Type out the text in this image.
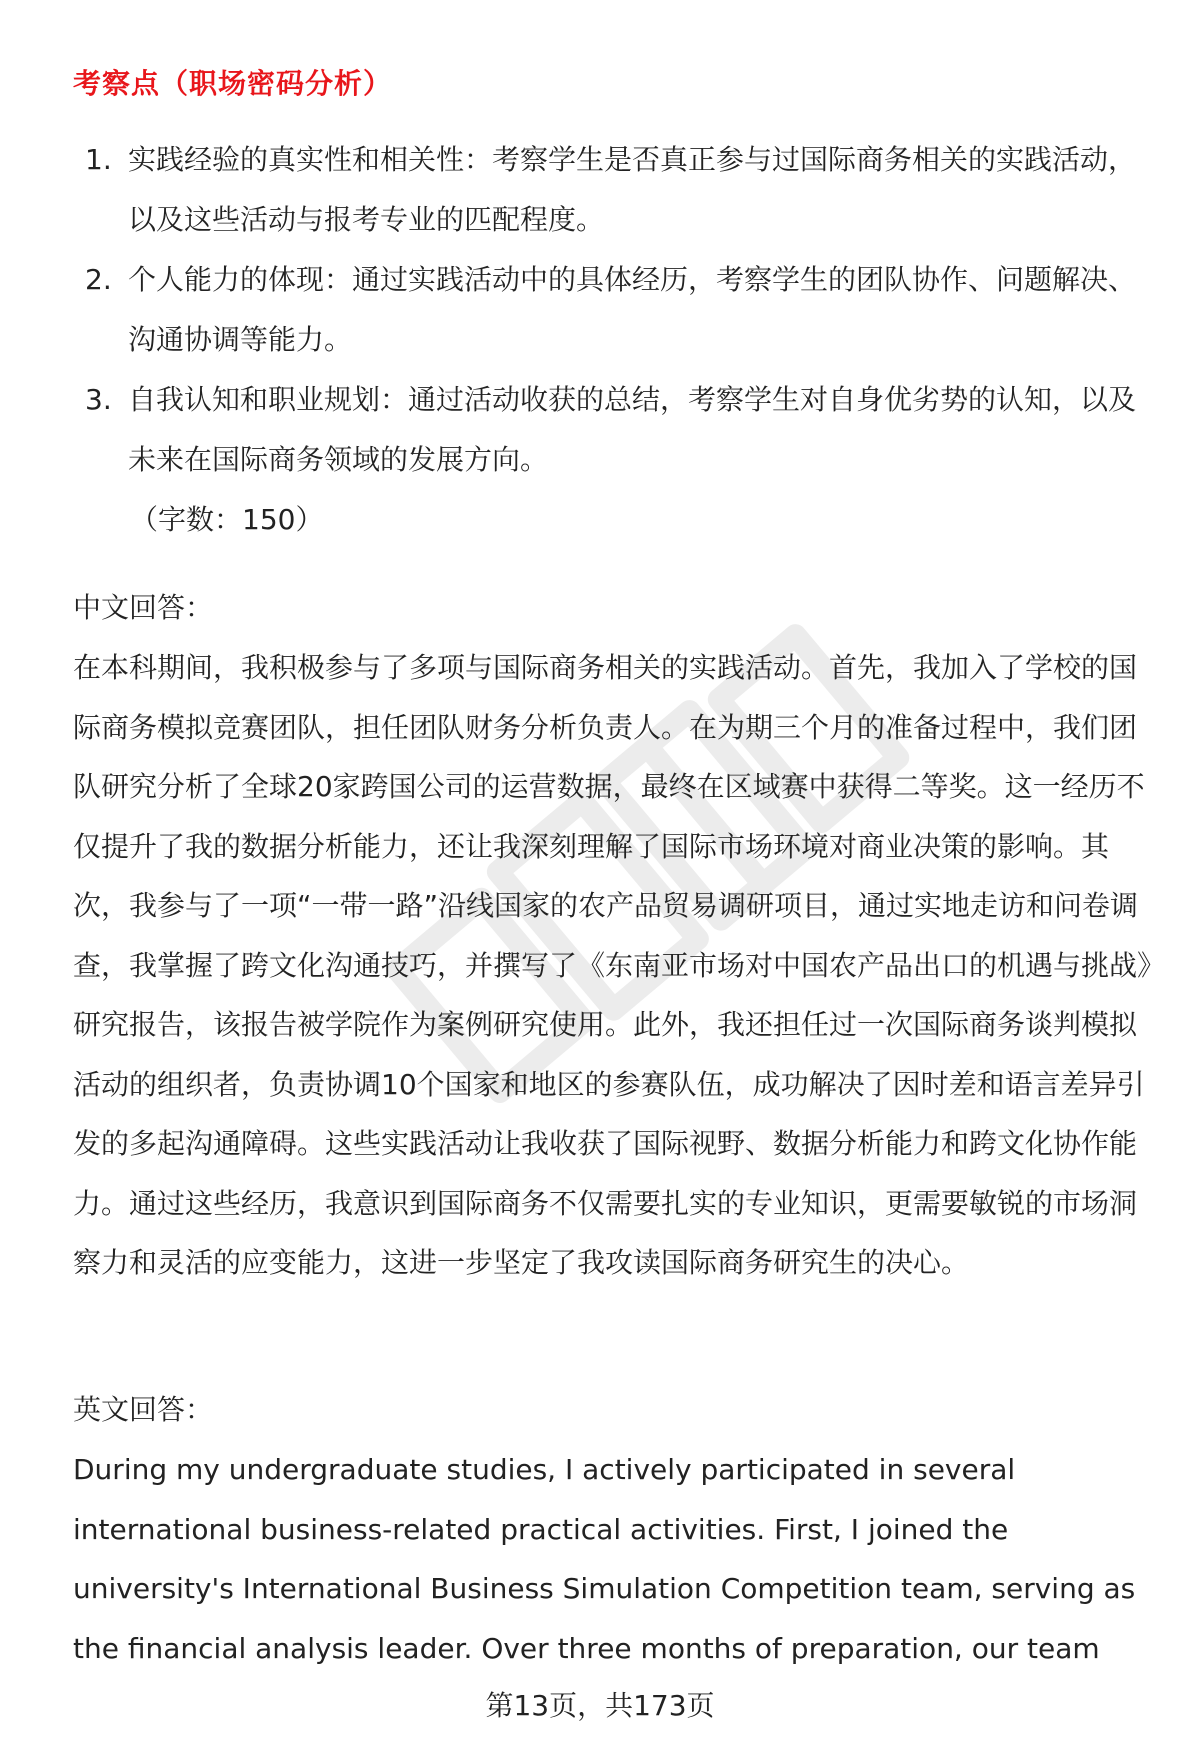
考察点（职场密码分析）
1. 实践经验的真实性和相关性：考察学生是否真正参与过国际商务相关的实践活动，以及这些活动与报考专业的匹配程度。
2. 个人能力的体现：通过实践活动中的具体经历，考察学生的团队协作、问题解决、沟通协调等能力。
3. 自我认知和职业规划：通过活动收获的总结，考察学生对自身优劣势的认知，以及未来在国际商务领域的发展方向。
（字数：150）
中文回答：

在本科期间，我积极参与了多项与国际商务相关的实践活动。首先，我加入了学校的国际商务模拟竞赛团队，担任团队财务分析负责人。在为期三个月的准备过程中，我们团队研究分析了全球20家跨国公司的运营数据，最终在区域赛中获得二等奖。这一经历不仅提升了我的数据分析能力，还让我深刻理解了国际市场环境对商业决策的影响。其次，我参与了一项“一带一路”沿线国家的农产品贸易调研项目，通过实地走访和问卷调查，我掌握了跨文化沟通技巧，并撰写了《东南亚市场对中国农产品出口的机遇与挑战》研究报告，该报告被学院作为案例研究使用。此外，我还担任过一次国际商务谈判模拟活动的组织者，负责协调10个国家和地区的参赛队伍，成功解决了因时差和语言差异引发的多起沟通障碍。这些实践活动让我收获了国际视野、数据分析能力和跨文化协作能力。通过这些经历，我意识到国际商务不仅需要扎实的专业知识，更需要敏锐的市场洞察力和灵活的应变能力，这进一步坚定了我攻读国际商务研究生的决心。

英文回答：
During my undergraduate studies, I actively participated in several
international business-related practical activities. First, I joined the
university's International Business Simulation Competition team, serving as
the financial analysis leader. Over three months of preparation, our team
第13页，共173页
